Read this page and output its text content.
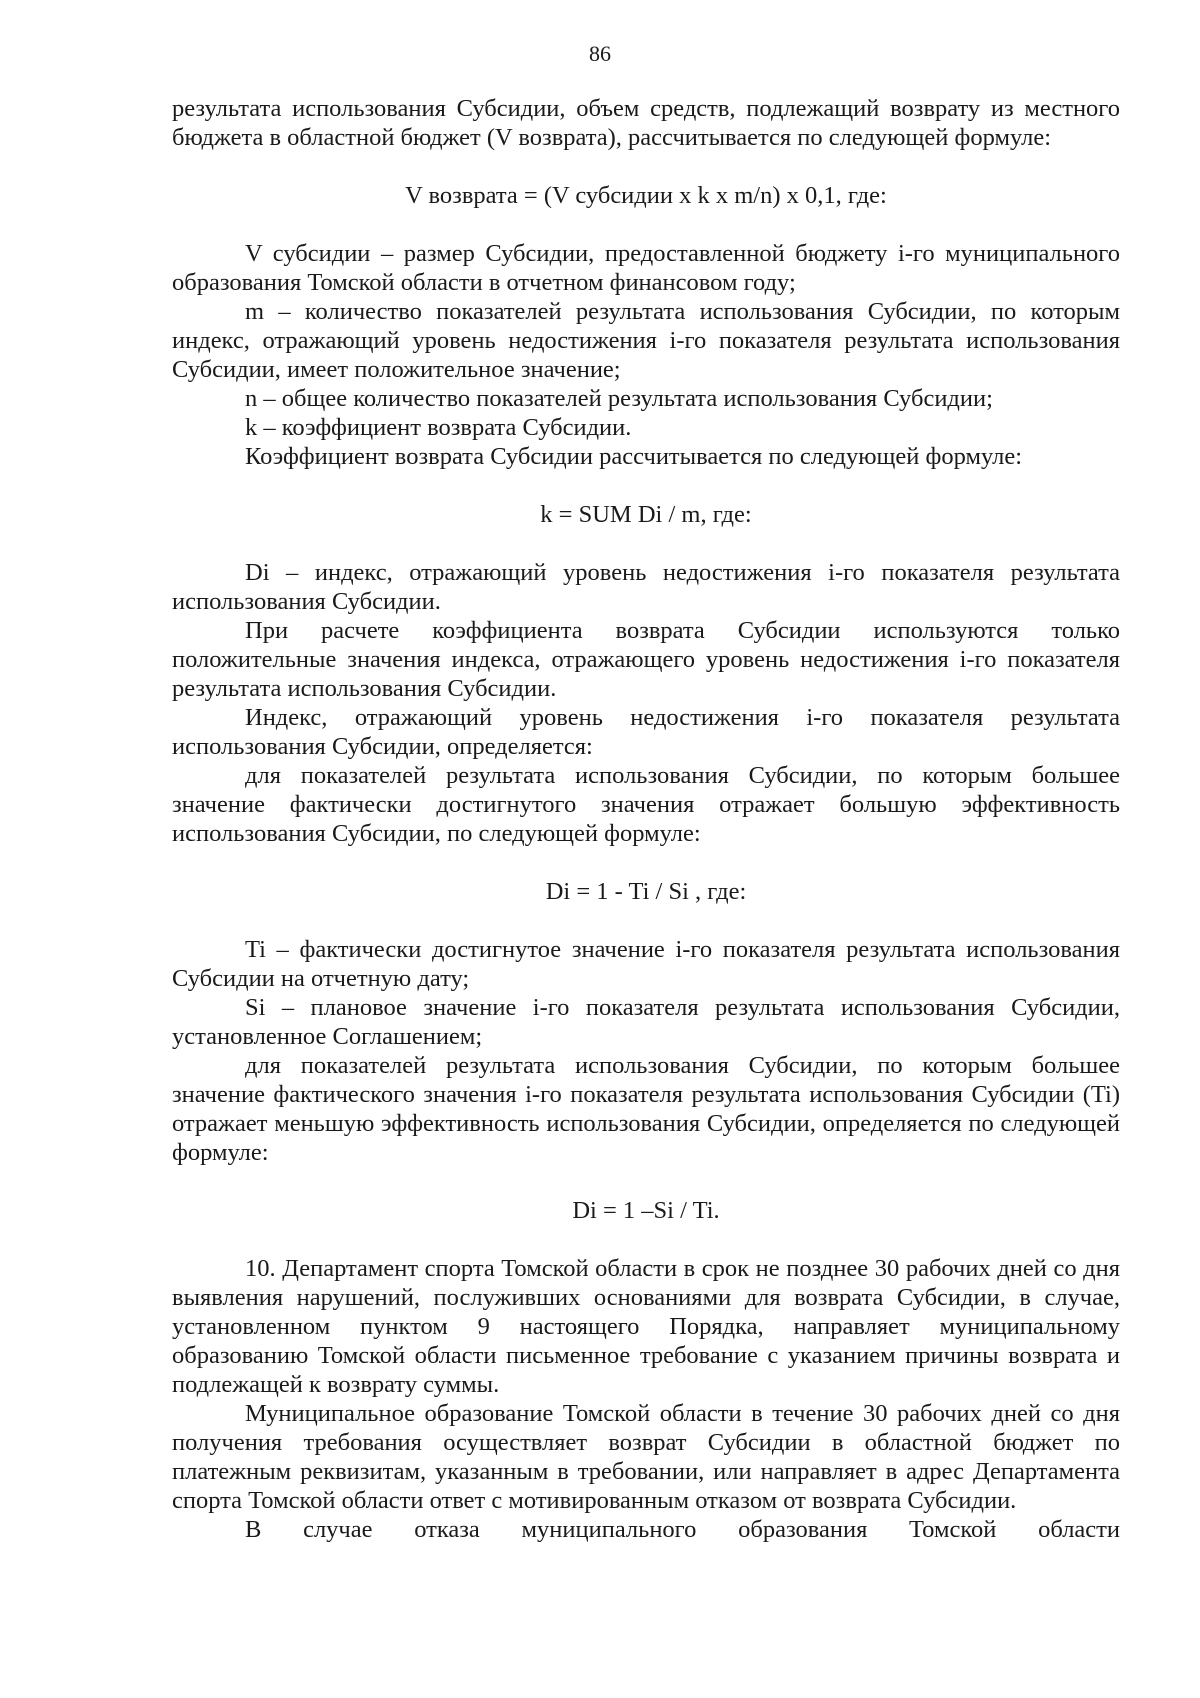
86

результата использования Субсидии, объем средств, подлежащий возврату из местного бюджета в областной бюджет (V возврата), рассчитывается по следующей формуле:

V возврата = (V субсидии х k х m/n) х 0,1, где:

V субсидии – размер Субсидии, предоставленной бюджету i-го муниципального образования Томской области в отчетном финансовом году;

m – количество показателей результата использования Субсидии, по которым индекс, отражающий уровень недостижения i-го показателя результата использования Субсидии, имеет положительное значение;

n – общее количество показателей результата использования Субсидии;

k – коэффициент возврата Субсидии.

Коэффициент возврата Субсидии рассчитывается по следующей формуле:

k = SUM Di / m, где:

Di – индекс, отражающий уровень недостижения i-го показателя результата использования Субсидии.

При расчете коэффициента возврата Субсидии используются только положительные значения индекса, отражающего уровень недостижения i-го показателя результата использования Субсидии.

Индекс, отражающий уровень недостижения i-го показателя результата использования Субсидии, определяется:

для показателей результата использования Субсидии, по которым большее значение фактически достигнутого значения отражает большую эффективность использования Субсидии, по следующей формуле:

Di = 1 - Ti / Si , где:

Ti – фактически достигнутое значение i-го показателя результата использования Субсидии на отчетную дату;

Si – плановое значение i-го показателя результата использования Субсидии, установленное Соглашением;

для показателей результата использования Субсидии, по которым большее значение фактического значения i-го показателя результата использования Субсидии (Ti) отражает меньшую эффективность использования Субсидии, определяется по следующей формуле:

Di = 1 –Si / Ti.

10. Департамент спорта Томской области в срок не позднее 30 рабочих дней со дня выявления нарушений, послуживших основаниями для возврата Субсидии, в случае, установленном пунктом 9 настоящего Порядка, направляет муниципальному образованию Томской области письменное требование с указанием причины возврата и подлежащей к возврату суммы.

Муниципальное образование Томской области в течение 30 рабочих дней со дня получения требования осуществляет возврат Субсидии в областной бюджет по платежным реквизитам, указанным в требовании, или направляет в адрес Департамента спорта Томской области ответ с мотивированным отказом от возврата Субсидии.

В случае отказа муниципального образования Томской области
